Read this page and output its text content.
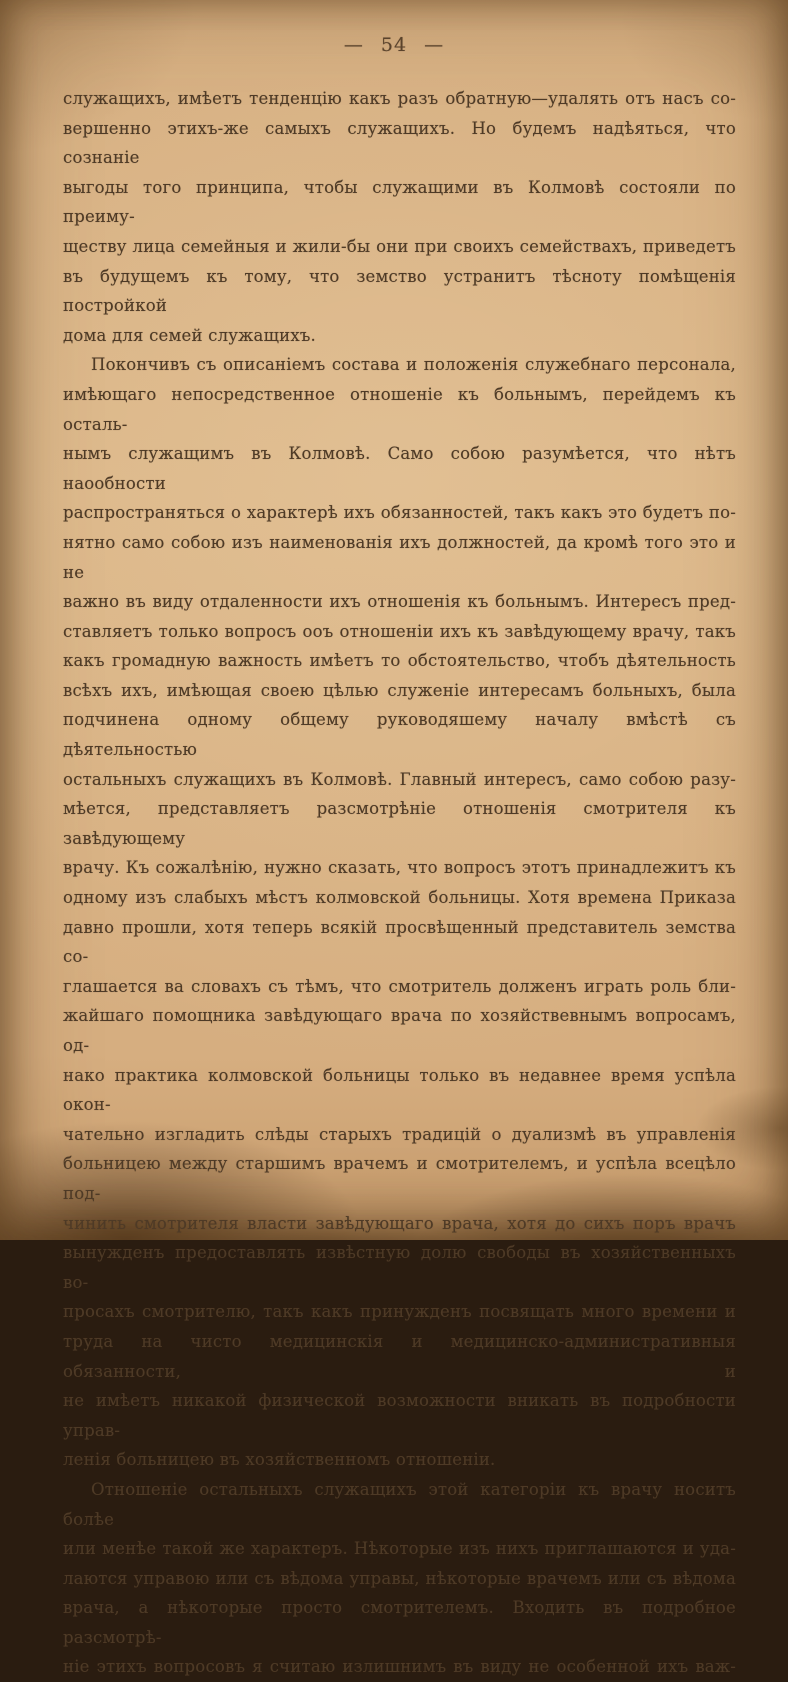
— 54 —
служащихъ, имѣетъ тенденцію какъ разъ обратную—удалять отъ насъ со-
вершенно этихъ-же самыхъ служащихъ. Но будемъ надѣяться, что сознаніе
выгоды того принципа, чтобы служащими въ Колмовѣ состояли по преиму-
ществу лица семейныя и жили-бы они при своихъ семействахъ, приведетъ
въ будущемъ къ тому, что земство устранитъ тѣсноту помѣщенія постройкой
дома для семей служащихъ.
Покончивъ съ описаніемъ состава и положенія служебнаго персонала,
имѣющаго непосредственное отношеніе къ больнымъ, перейдемъ къ осталь-
нымъ служащимъ въ Колмовѣ. Само собою разумѣется, что нѣтъ наообности
распространяться о характерѣ ихъ обязанностей, такъ какъ это будетъ по-
нятно само собою изъ наименованія ихъ должностей, да кромѣ того это и не
важно въ виду отдаленности ихъ отношенія къ больнымъ. Интересъ пред-
ставляетъ только вопросъ ооъ отношеніи ихъ къ завѣдующему врачу, такъ
какъ громадную важность имѣетъ то обстоятельство, чтобъ дѣятельность
всѣхъ ихъ, имѣющая своею цѣлью служеніе интересамъ больныхъ, была
подчинена одному общему руководяшему началу вмѣстѣ съ дѣятельностью
остальныхъ служащихъ въ Колмовѣ. Главный интересъ, само собою разу-
мѣется, представляетъ разсмотрѣніе отношенія смотрителя къ завѣдующему
врачу. Къ сожалѣнію, нужно сказать, что вопросъ этотъ принадлежитъ къ
одному изъ слабыхъ мѣстъ колмовской больницы. Хотя времена Приказа
давно прошли, хотя теперь всякій просвѣщенный представитель земства со-
глашается ва словахъ съ тѣмъ, что смотритель долженъ играть роль бли-
жайшаго помощника завѣдующаго врача по хозяйствевнымъ вопросамъ, од-
нако практика колмовской больницы только въ недавнее время успѣла окон-
чательно изгладить слѣды старыхъ традицій о дуализмѣ въ управленія
больницею между старшимъ врачемъ и смотрителемъ, и успѣла всецѣло под-
чинить смотрителя власти завѣдующаго врача, хотя до сихъ поръ врачъ
вынужденъ предоставлять извѣстную долю свободы въ хозяйственныхъ во-
просахъ смотрителю, такъ какъ принужденъ посвящать много времени и
труда на чисто медицинскія и медицинско-административныя обязанности, и
не имѣетъ никакой физической возможности вникать въ подробности управ-
ленія больницею въ хозяйственномъ отношеніи.
Отношеніе остальныхъ служащихъ этой категоріи къ врачу носитъ болѣе
или менѣе такой же характеръ. Нѣкоторые изъ нихъ приглашаются и уда-
лаются управою или съ вѣдома управы, нѣкоторые врачемъ или съ вѣдома
врача, а нѣкоторые просто смотрителемъ. Входить въ подробное разсмотрѣ-
ніе этихъ вопросовъ я считаю излишнимъ въ виду не особенной ихъ важ-
